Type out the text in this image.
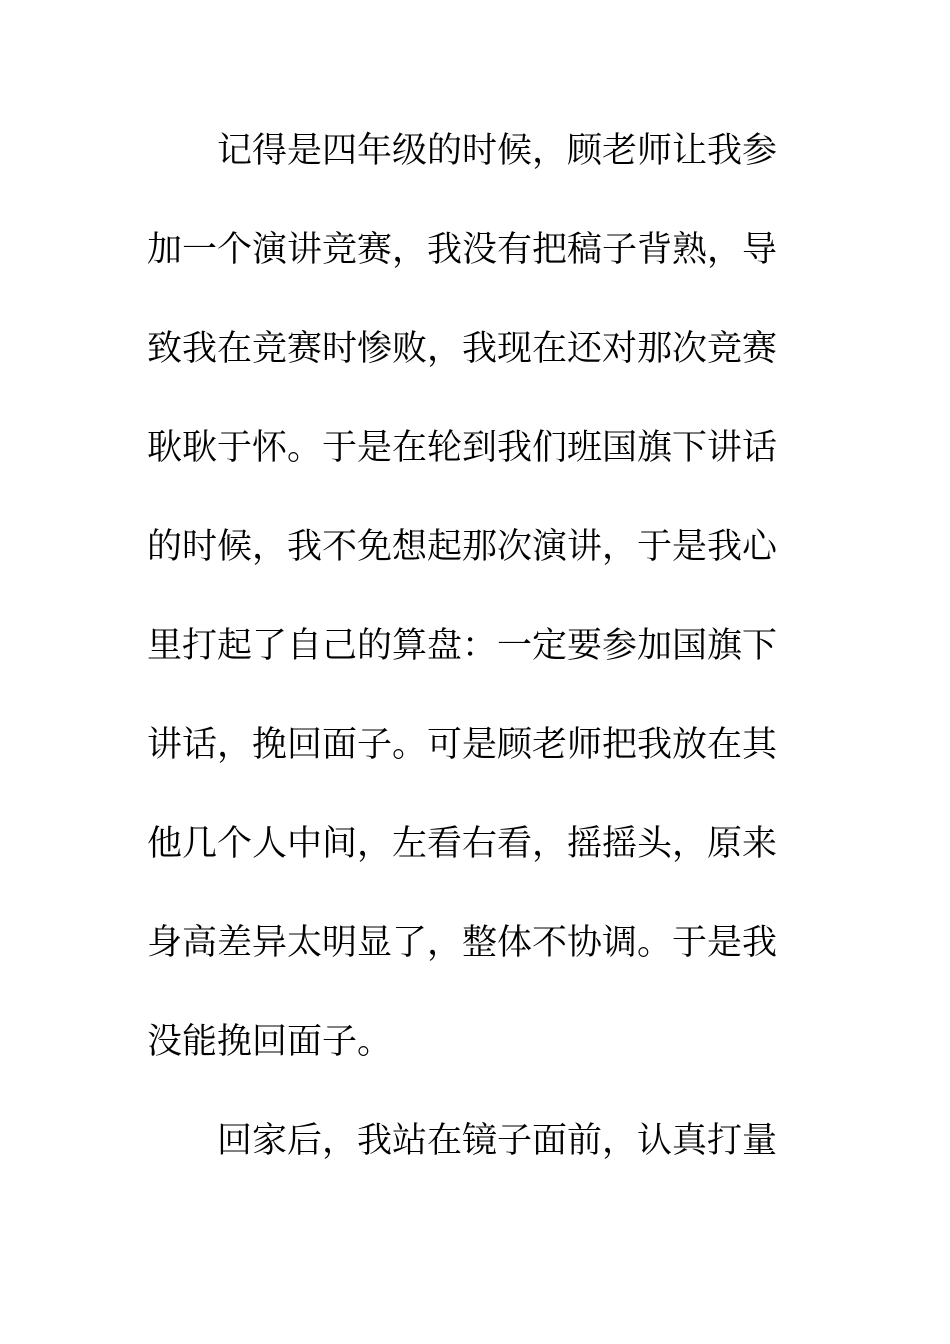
记得是四年级的时候，顾老师让我参
加一个演讲竞赛，我没有把稿子背熟，导
致我在竞赛时惨败，我现在还对那次竞赛
耿耿于怀。于是在轮到我们班国旗下讲话
的时候，我不免想起那次演讲，于是我心
里打起了自己的算盘：一定要参加国旗下
讲话，挽回面子。可是顾老师把我放在其
他几个人中间，左看右看，摇摇头，原来
身高差异太明显了，整体不协调。于是我
没能挽回面子。
回家后，我站在镜子面前，认真打量
